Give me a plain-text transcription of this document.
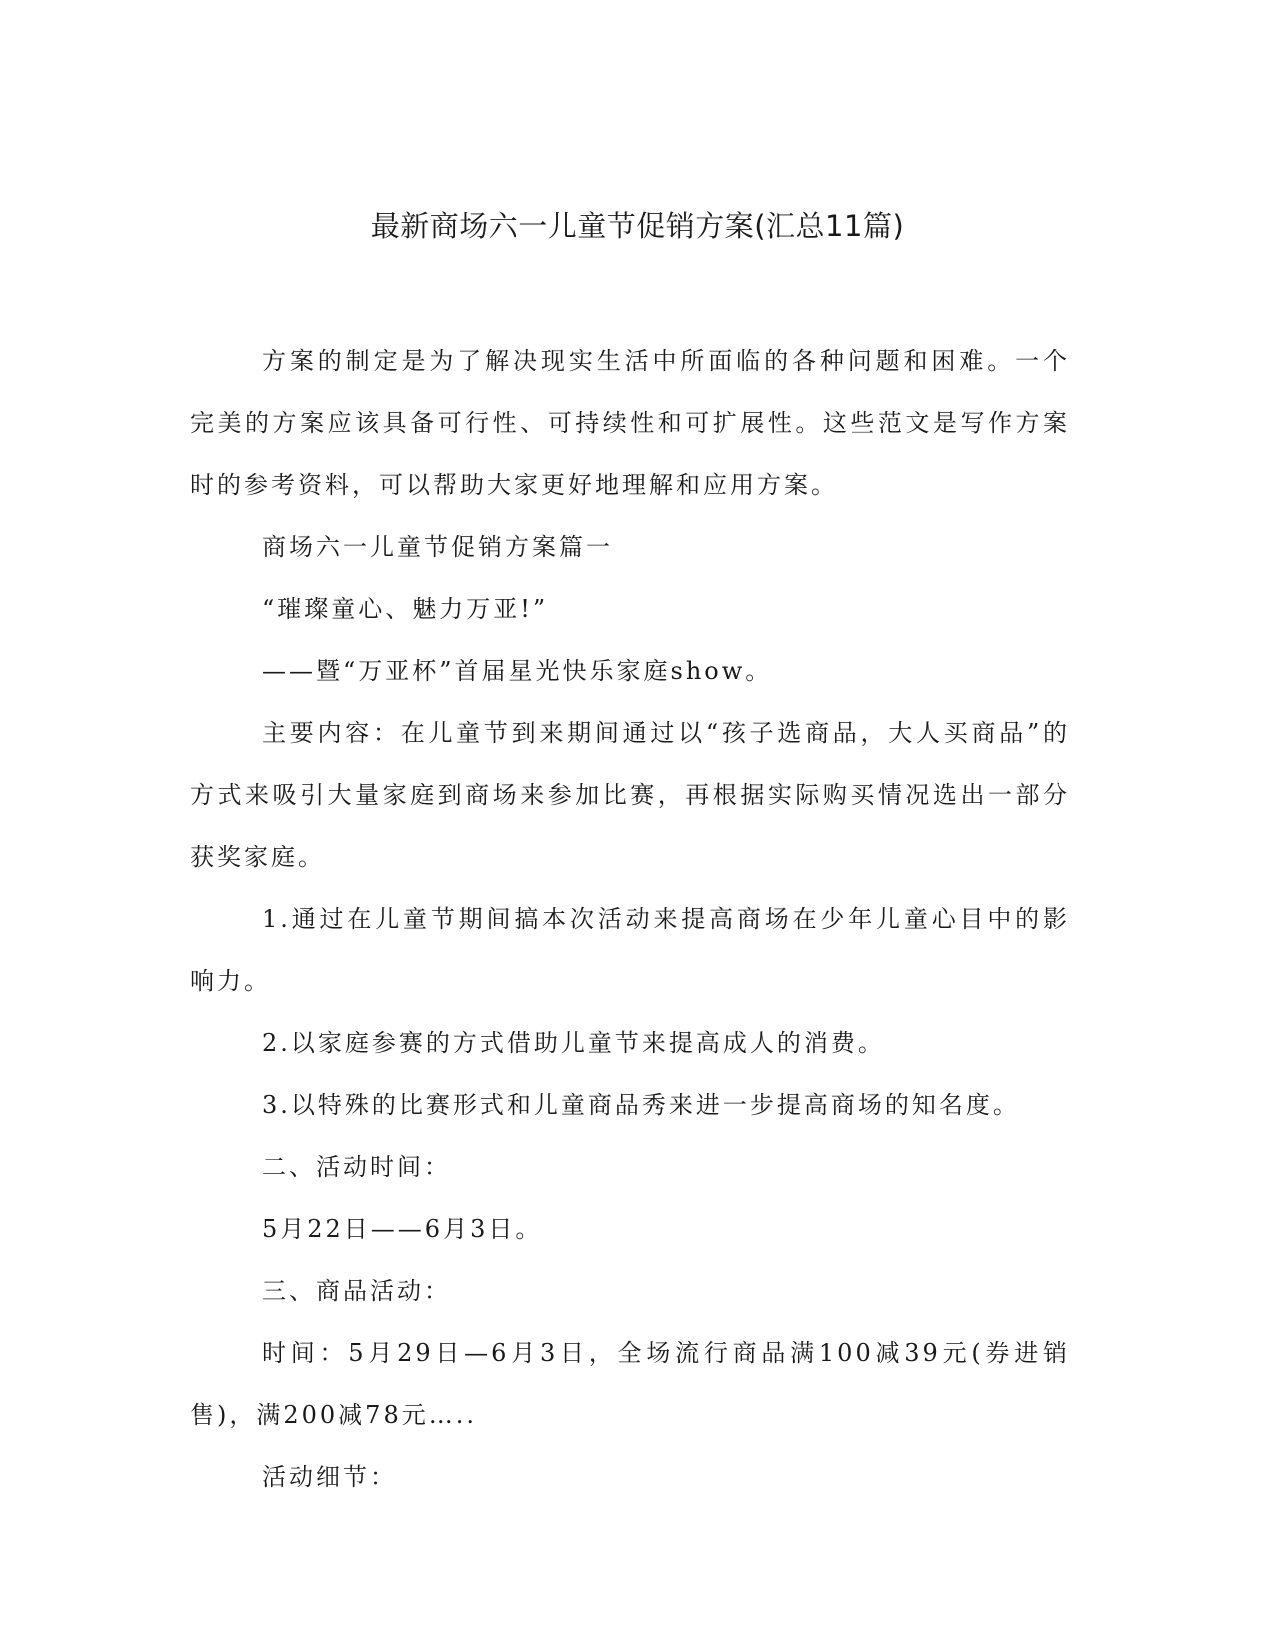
最新商场六一儿童节促销方案(汇总11篇)

方案的制定是为了解决现实生活中所面临的各种问题和困难。一个完美的方案应该具备可行性、可持续性和可扩展性。这些范文是写作方案时的参考资料，可以帮助大家更好地理解和应用方案。

商场六一儿童节促销方案篇一

“璀璨童心、魅力万亚!”

——暨“万亚杯”首届星光快乐家庭show。

主要内容：在儿童节到来期间通过以“孩子选商品，大人买商品”的方式来吸引大量家庭到商场来参加比赛，再根据实际购买情况选出一部分获奖家庭。

1.通过在儿童节期间搞本次活动来提高商场在少年儿童心目中的影响力。

2.以家庭参赛的方式借助儿童节来提高成人的消费。

3.以特殊的比赛形式和儿童商品秀来进一步提高商场的知名度。

二、活动时间：

5月22日——6月3日。

三、商品活动：

时间：5月29日—6月3日，全场流行商品满100减39元(券进销售)，满200减78元…..

活动细节：
